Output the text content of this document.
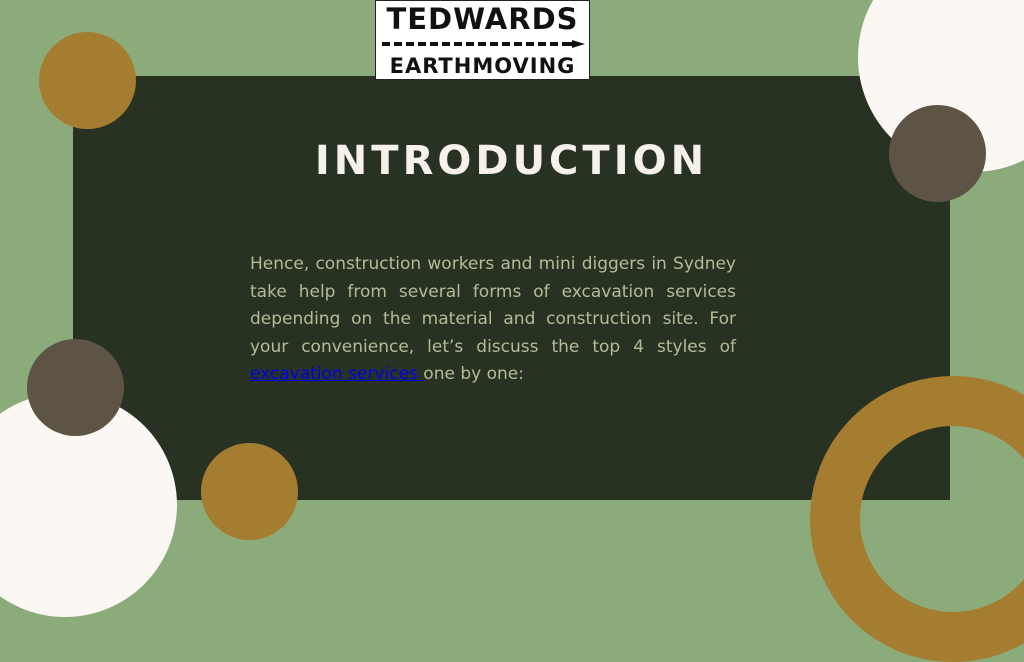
TEDWARDS
EARTHMOVING
INTRODUCTION
Hence, construction workers and mini diggers in Sydney take help from several forms of excavation services depending on the material and construction site. For your convenience, let’s discuss the top 4 styles of excavation services one by one:
